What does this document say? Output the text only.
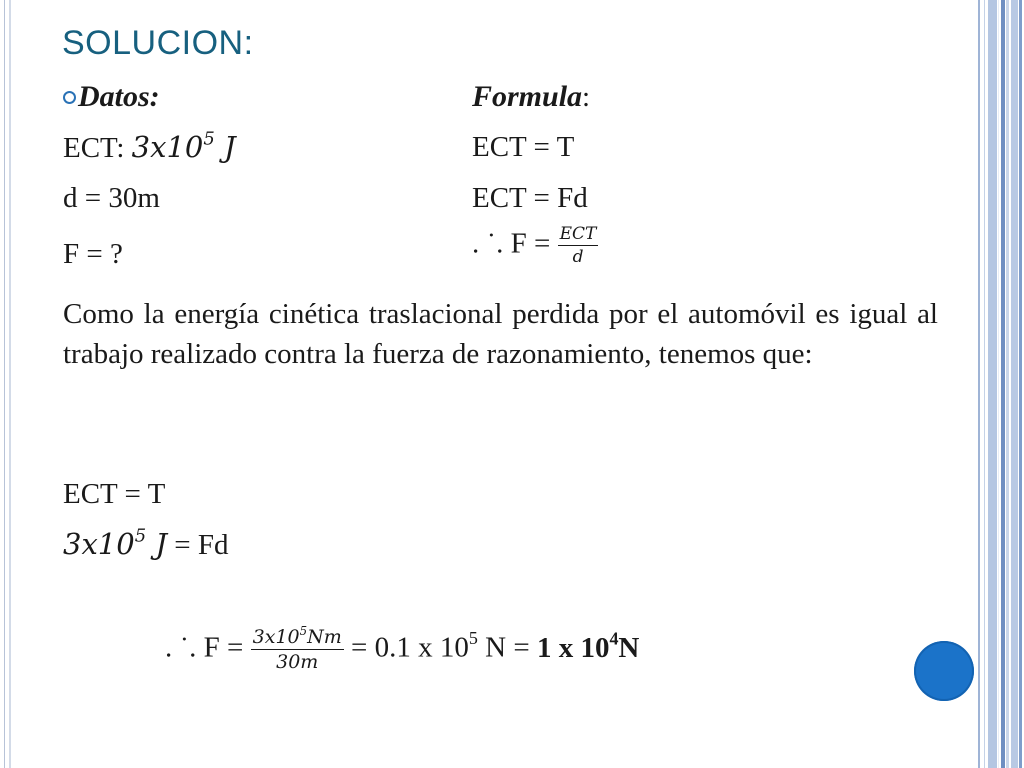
SOLUCION:
Datos:
ECT: $3x10^5$ J
d = 30m
F = ?
Formula:
ECT = T
ECT = Fd
. ˙. $F = \frac{\text{ECT}}{d}$

Como la energía cinética traslacional perdida por el automóvil es igual al trabajo realizado contra la fuerza de razonamiento, tenemos que:

ECT = T
$3x10^5$ J = Fd
. ˙. $F = \frac{3x10^5Nm}{30m} = 0.1$ x $10^5$ N = 1 x $10^4N$
